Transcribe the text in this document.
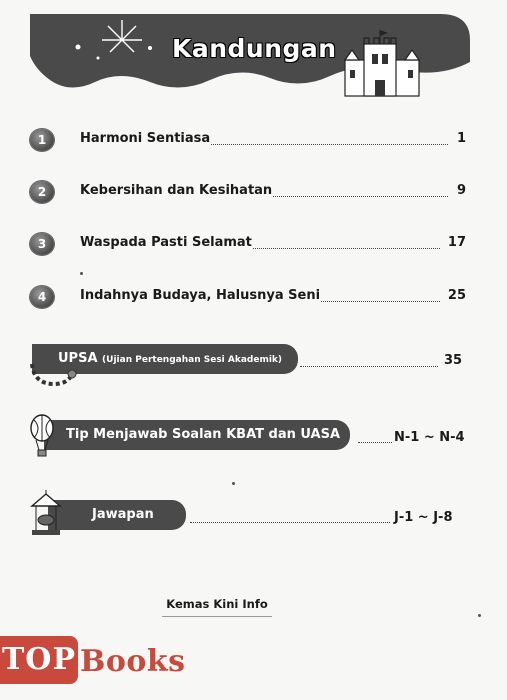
Kandungan
1	Harmoni Sentiasa	1
2	Kebersihan dan Kesihatan	9
3	Waspada Pasti Selamat	17
4	Indahnya Budaya, Halusnya Seni	25
UPSA (Ujian Pertengahan Sesi Akademik)	35
Tip Menjawab Soalan KBAT dan UASA	N-1 ~ N-4
Jawapan	J-1 ~ J-8
Kemas Kini Info
TOP Books
